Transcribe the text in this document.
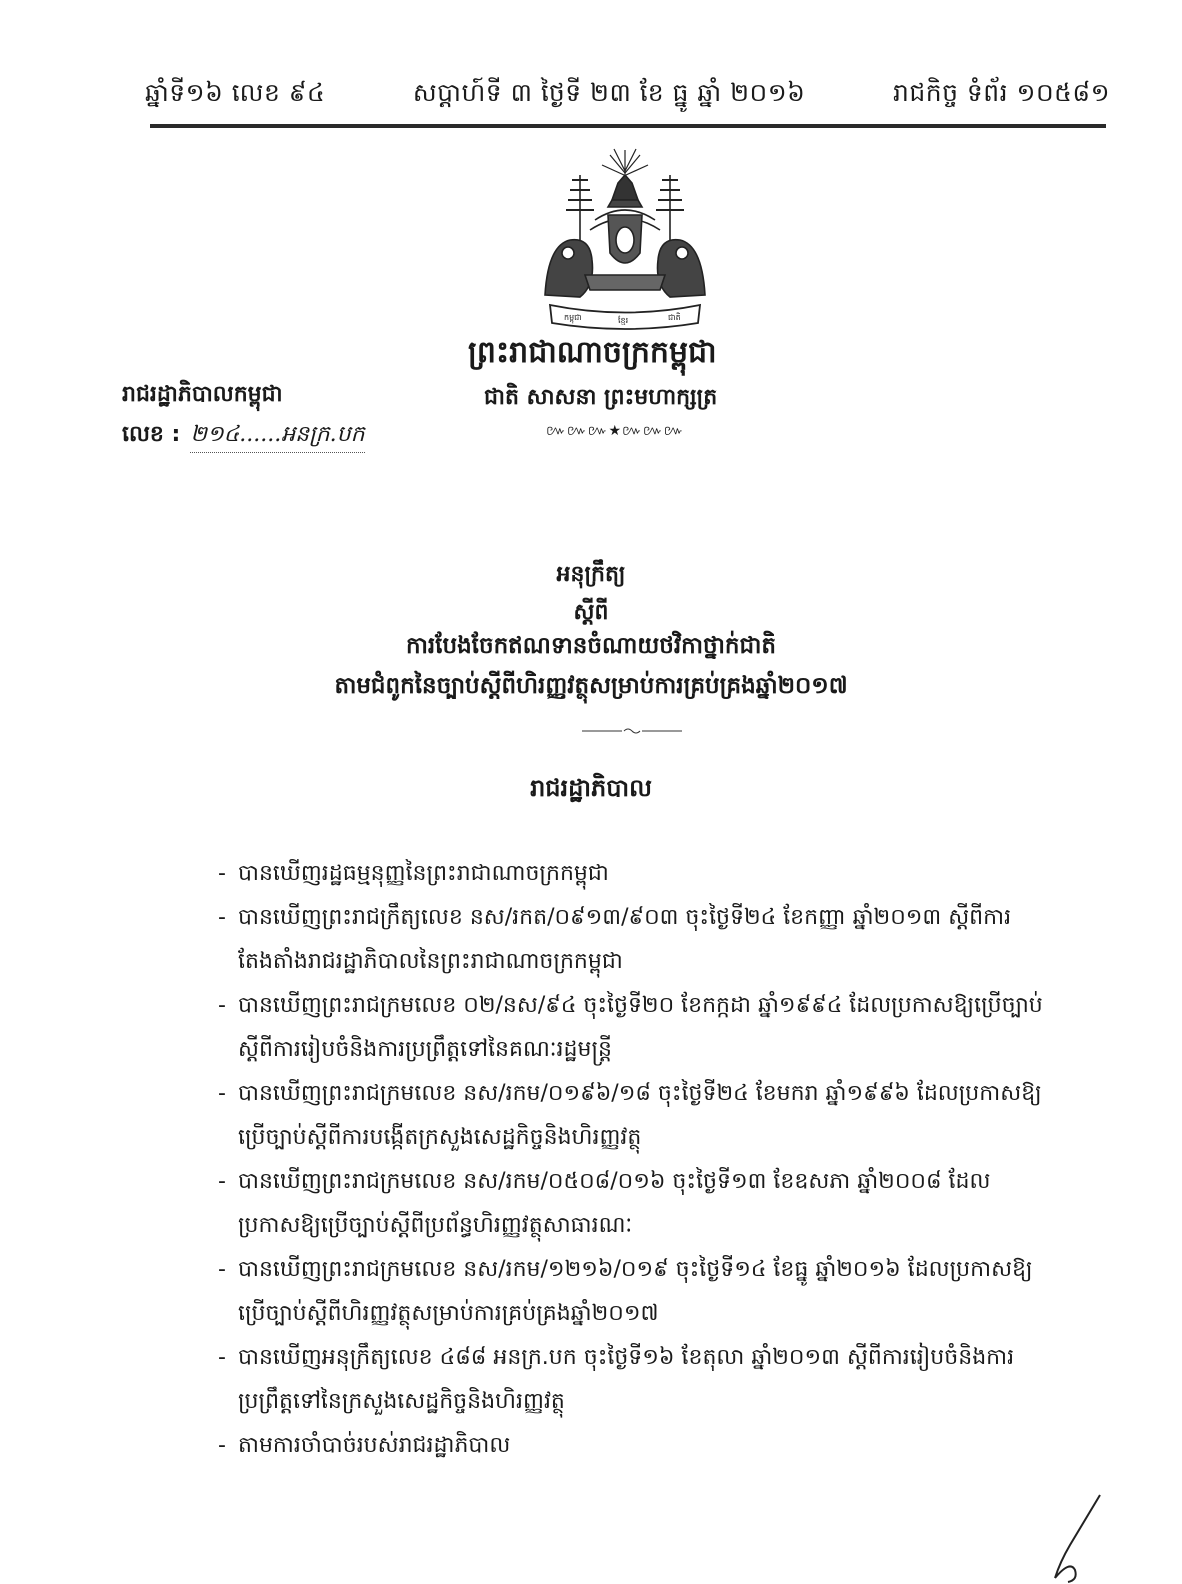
ឆ្នាំទី១៦ លេខ ៩៤	សប្ដាហ៍ទី ៣ ថ្ងៃទី ២៣ ខែ ធ្នូ ឆ្នាំ ២០១៦	រាជកិច្ច ទំព័រ ១០៥៨១
កម្ពុជា	ខ្មែរ	ជាតិ
ព្រះរាជាណាចក្រកម្ពុជា
ជាតិ សាសនា ព្រះមហាក្សត្រ
៚៚៚★៚៚៚
រាជរដ្ឋាភិបាលកម្ពុជា
លេខ : ២១៤......អនក្រ.បក
អនុក្រឹត្យ
ស្ដីពី
ការបែងចែកឥណទានចំណាយថវិកាថ្នាក់ជាតិ
តាមជំពូកនៃច្បាប់ស្ដីពីហិរញ្ញវត្ថុសម្រាប់ការគ្រប់គ្រងឆ្នាំ២០១៧
រាជរដ្ឋាភិបាល
- បានឃើញរដ្ឋធម្មនុញ្ញនៃព្រះរាជាណាចក្រកម្ពុជា
- បានឃើញព្រះរាជក្រឹត្យលេខ នស/រកត/០៩១៣/៩០៣ ចុះថ្ងៃទី២៤ ខែកញ្ញា ឆ្នាំ២០១៣ ស្ដីពីការតែងតាំងរាជរដ្ឋាភិបាលនៃព្រះរាជាណាចក្រកម្ពុជា
- បានឃើញព្រះរាជក្រមលេខ ០២/នស/៩៤ ចុះថ្ងៃទី២០ ខែកក្កដា ឆ្នាំ១៩៩៤ ដែលប្រកាសឱ្យប្រើច្បាប់ស្ដីពីការរៀបចំនិងការប្រព្រឹត្តទៅនៃគណៈរដ្ឋមន្ត្រី
- បានឃើញព្រះរាជក្រមលេខ នស/រកម/០១៩៦/១៨ ចុះថ្ងៃទី២៤ ខែមករា ឆ្នាំ១៩៩៦ ដែលប្រកាសឱ្យប្រើច្បាប់ស្ដីពីការបង្កើតក្រសួងសេដ្ឋកិច្ចនិងហិរញ្ញវត្ថុ
- បានឃើញព្រះរាជក្រមលេខ នស/រកម/០៥០៨/០១៦ ចុះថ្ងៃទី១៣ ខែឧសភា ឆ្នាំ២០០៨ ដែលប្រកាសឱ្យប្រើច្បាប់ស្ដីពីប្រព័ន្ធហិរញ្ញវត្ថុសាធារណៈ
- បានឃើញព្រះរាជក្រមលេខ នស/រកម/១២១៦/០១៩ ចុះថ្ងៃទី១៤ ខែធ្នូ ឆ្នាំ២០១៦ ដែលប្រកាសឱ្យប្រើច្បាប់ស្ដីពីហិរញ្ញវត្ថុសម្រាប់ការគ្រប់គ្រងឆ្នាំ២០១៧
- បានឃើញអនុក្រឹត្យលេខ ៤៨៨ អនក្រ.បក ចុះថ្ងៃទី១៦ ខែតុលា ឆ្នាំ២០១៣ ស្ដីពីការរៀបចំនិងការប្រព្រឹត្តទៅនៃក្រសួងសេដ្ឋកិច្ចនិងហិរញ្ញវត្ថុ
- តាមការចាំបាច់របស់រាជរដ្ឋាភិបាល
